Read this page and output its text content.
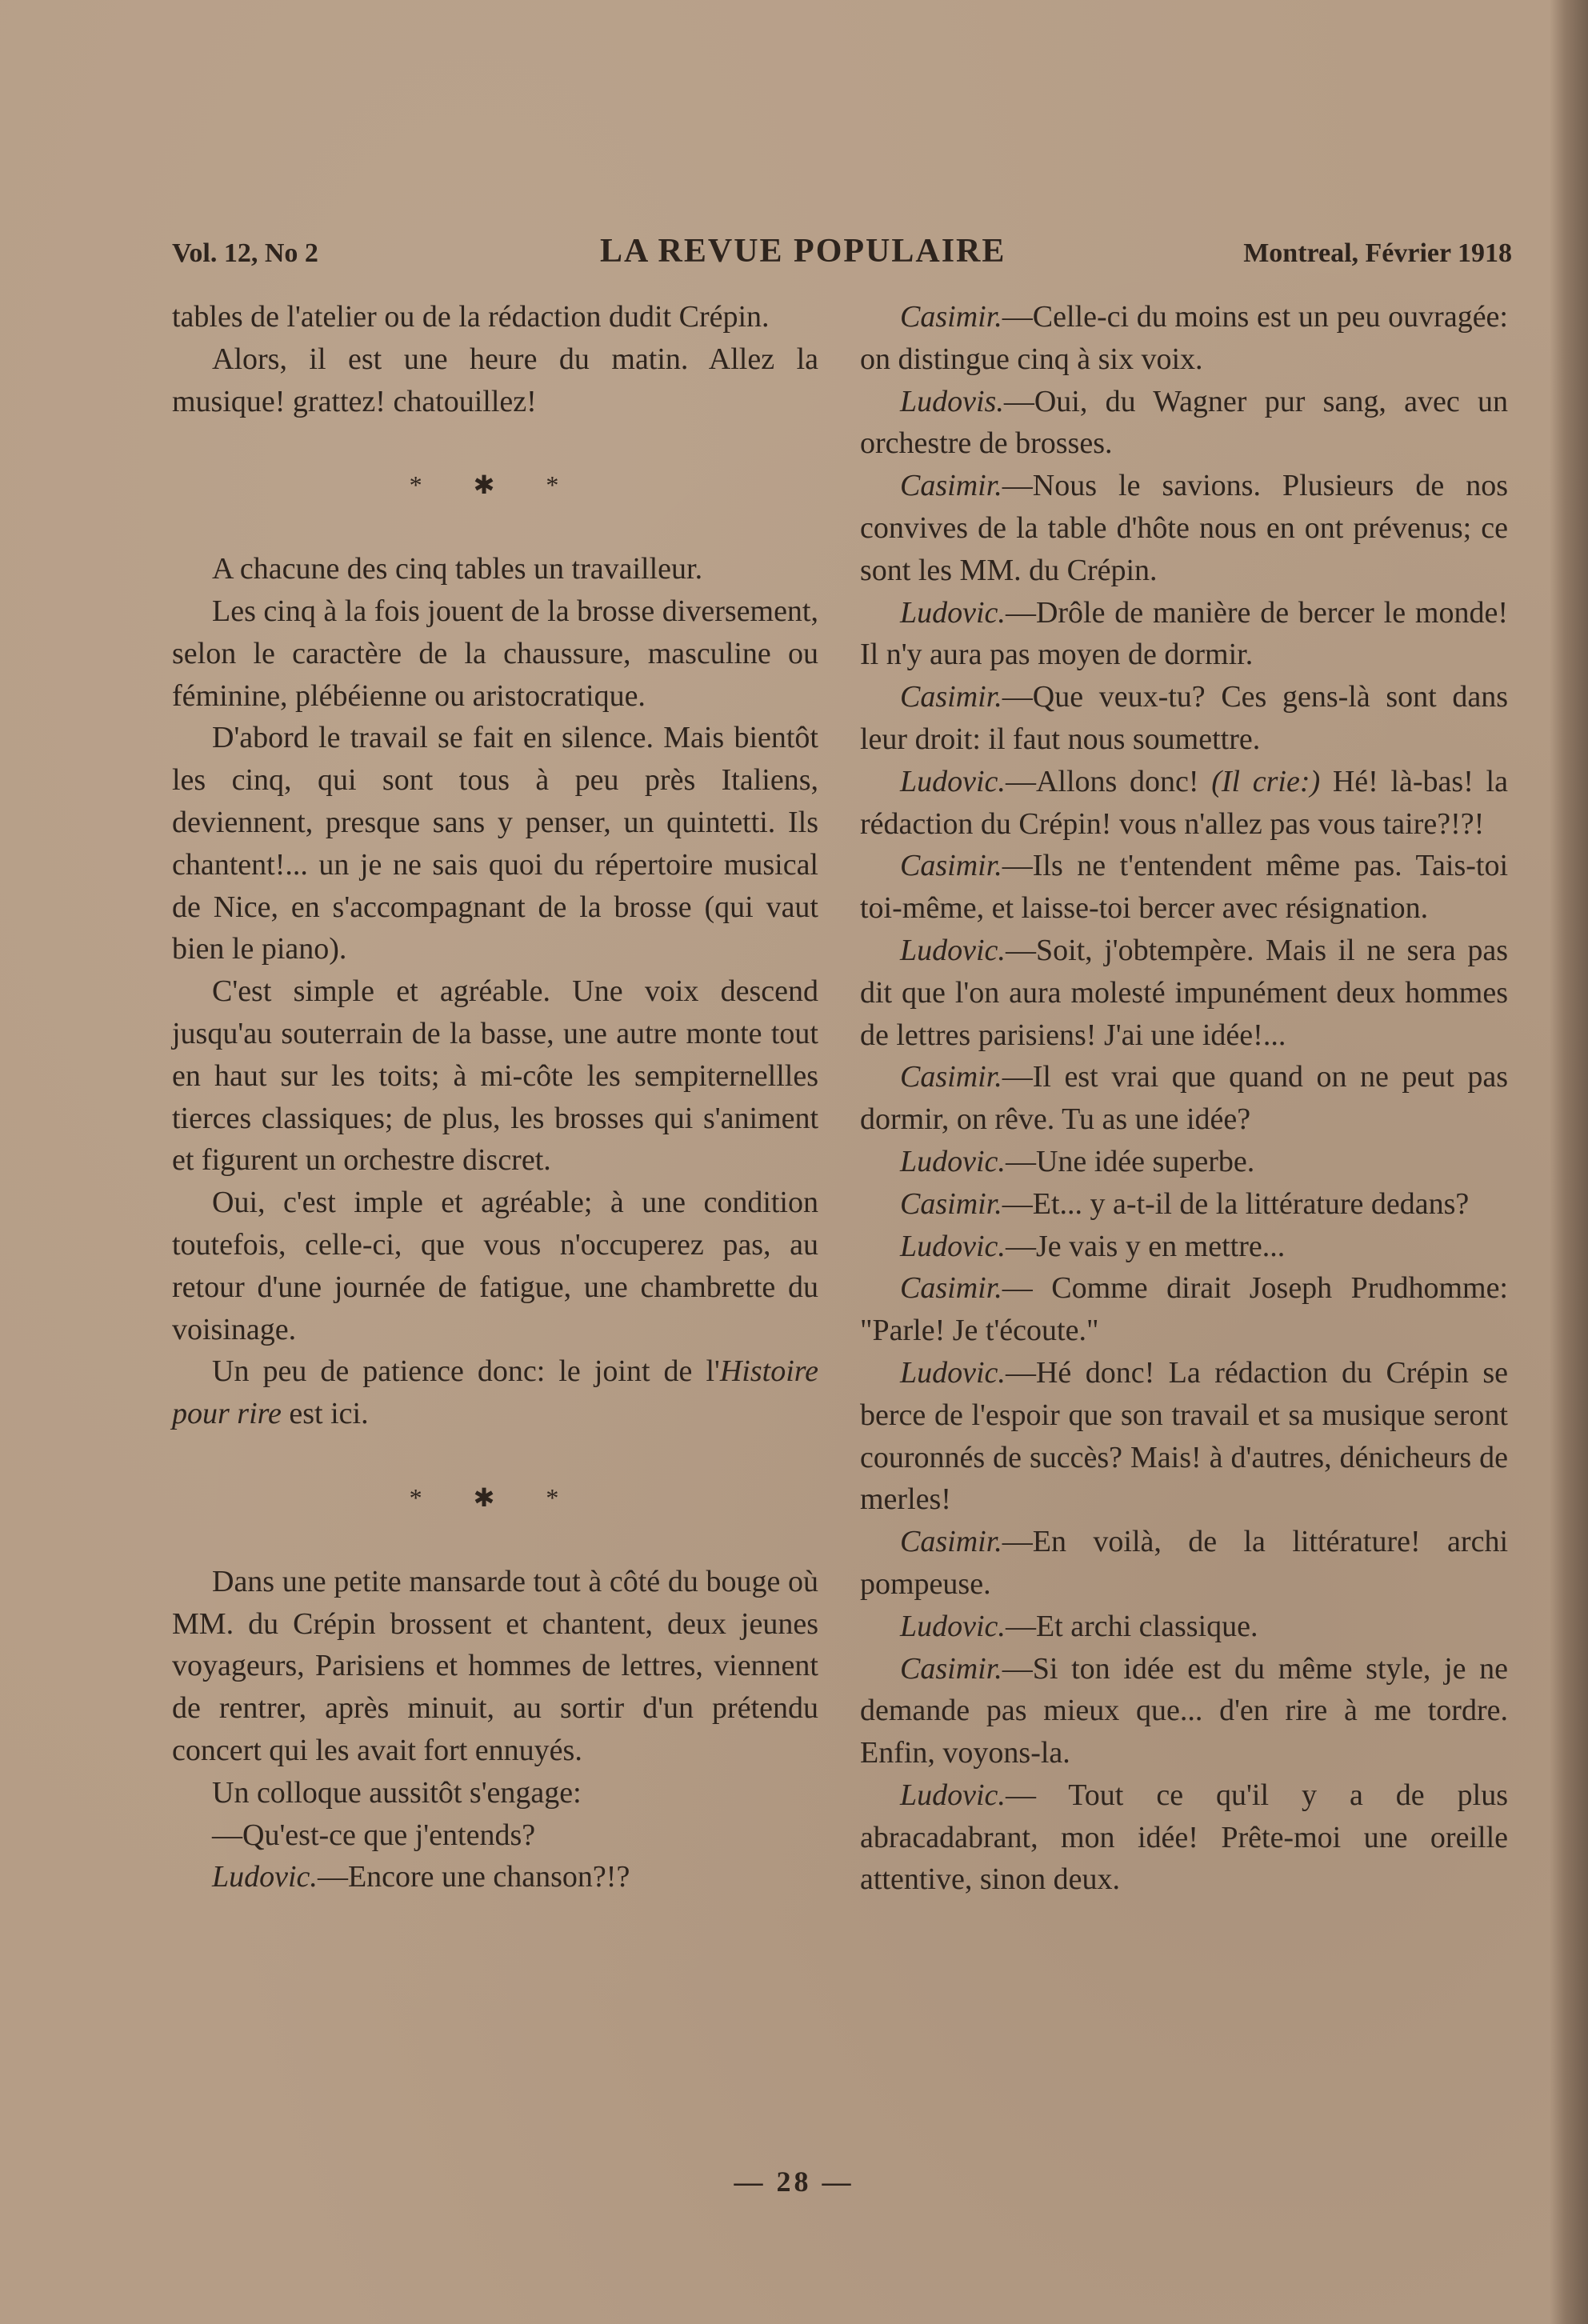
Vol. 12, No 2	LA REVUE POPULAIRE	Montreal, Février 1918

tables de l'atelier ou de la rédaction dudit Crépin.

Alors, il est une heure du matin. Allez la musique! grattez! chatouillez!

* ✱ *

A chacune des cinq tables un travailleur.

Les cinq à la fois jouent de la brosse diversement, selon le caractère de la chaussure, masculine ou féminine, plébéienne ou aristocratique.

D'abord le travail se fait en silence. Mais bientôt les cinq, qui sont tous à peu près Italiens, deviennent, presque sans y penser, un quintetti. Ils chantent!... un je ne sais quoi du répertoire musical de Nice, en s'accompagnant de la brosse (qui vaut bien le piano).

C'est simple et agréable. Une voix descend jusqu'au souterrain de la basse, une autre monte tout en haut sur les toits; à mi-côte les sempiternellles tierces classiques; de plus, les brosses qui s'animent et figurent un orchestre discret.

Oui, c'est imple et agréable; à une condition toutefois, celle-ci, que vous n'occuperez pas, au retour d'une journée de fatigue, une chambrette du voisinage.

Un peu de patience donc: le joint de l'Histoire pour rire est ici.

* ✱ *

Dans une petite mansarde tout à côté du bouge où MM. du Crépin brossent et chantent, deux jeunes voyageurs, Parisiens et hommes de lettres, viennent de rentrer, après minuit, au sortir d'un prétendu concert qui les avait fort ennuyés.

Un colloque aussitôt s'engage:

—Qu'est-ce que j'entends?

Ludovic.—Encore une chanson?!?

Casimir.—Celle-ci du moins est un peu ouvragée: on distingue cinq à six voix.

Ludovis.—Oui, du Wagner pur sang, avec un orchestre de brosses.

Casimir.—Nous le savions. Plusieurs de nos convives de la table d'hôte nous en ont prévenus; ce sont les MM. du Crépin.

Ludovic.—Drôle de manière de bercer le monde! Il n'y aura pas moyen de dormir.

Casimir.—Que veux-tu? Ces gens-là sont dans leur droit: il faut nous soumettre.

Ludovic.—Allons donc! (Il crie:) Hé! là-bas! la rédaction du Crépin! vous n'allez pas vous taire?!?!

Casimir.—Ils ne t'entendent même pas. Tais-toi toi-même, et laisse-toi bercer avec résignation.

Ludovic.—Soit, j'obtempère. Mais il ne sera pas dit que l'on aura molesté impunément deux hommes de lettres parisiens! J'ai une idée!...

Casimir.—Il est vrai que quand on ne peut pas dormir, on rêve. Tu as une idée?

Ludovic.—Une idée superbe.

Casimir.—Et... y a-t-il de la littérature dedans?

Ludovic.—Je vais y en mettre...

Casimir.— Comme dirait Joseph Prudhomme: "Parle! Je t'écoute."

Ludovic.—Hé donc! La rédaction du Crépin se berce de l'espoir que son travail et sa musique seront couronnés de succès? Mais! à d'autres, dénicheurs de merles!

Casimir.—En voilà, de la littérature! archi pompeuse.

Ludovic.—Et archi classique.

Casimir.—Si ton idée est du même style, je ne demande pas mieux que... d'en rire à me tordre. Enfin, voyons-la.

Ludovic.— Tout ce qu'il y a de plus abracadabrant, mon idée! Prête-moi une oreille attentive, sinon deux.

— 28 —
